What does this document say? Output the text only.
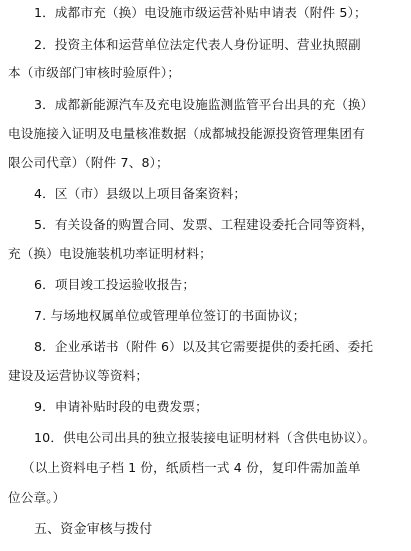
1．成都市充（换）电设施市级运营补贴申请表（附件 5）；
2．投资主体和运营单位法定代表人身份证明、营业执照副
本（市级部门审核时验原件）；
3．成都新能源汽车及充电设施监测监管平台出具的充（换）
电设施接入证明及电量核准数据（成都城投能源投资管理集团有
限公司代章）（附件 7、8）；
4．区（市）县级以上项目备案资料；
5．有关设备的购置合同、发票、工程建设委托合同等资料，
充（换）电设施装机功率证明材料；
6．项目竣工投运验收报告；
7. 与场地权属单位或管理单位签订的书面协议；
8．企业承诺书（附件 6）以及其它需要提供的委托函、委托
建设及运营协议等资料；
9．申请补贴时段的电费发票；
10．供电公司出具的独立报装接电证明材料（含供电协议）。
（以上资料电子档 1 份，纸质档一式 4 份，复印件需加盖单
位公章。）
五、资金审核与拨付
